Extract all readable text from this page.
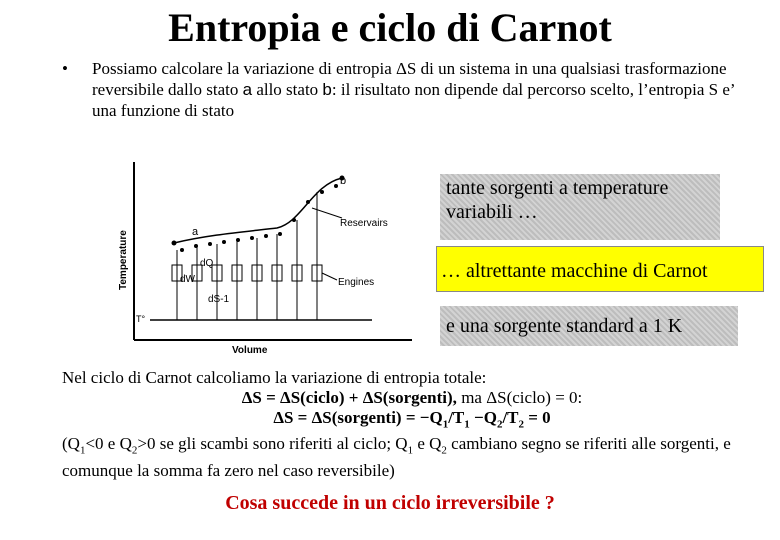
Entropia e ciclo di Carnot
• Possiamo calcolare la variazione di entropia ΔS di un sistema in una qualsiasi trasformazione reversibile dallo stato a allo stato b: il risultato non dipende dal percorso scelto, l’entropia S e’ una funzione di stato
Temperature
Volume
T°
a
b
Reservairs
Engines
dQ
dW
dS-1
tante sorgenti a temperature variabili …
… altrettante macchine di Carnot
e una sorgente standard a 1 K
Nel ciclo di Carnot calcoliamo la variazione di entropia totale:
ΔS = ΔS(ciclo) + ΔS(sorgenti), ma ΔS(ciclo) = 0:
ΔS = ΔS(sorgenti) = $-Q_1/T_1 -Q_2/T_2 = 0$
($Q_1<0$ e $Q_2>0$ se gli scambi sono riferiti al ciclo; $Q_1$ e $Q_2$ cambiano segno se riferiti alle sorgenti, e comunque la somma fa zero nel caso reversibile)
Cosa succede in un ciclo irreversibile ?
